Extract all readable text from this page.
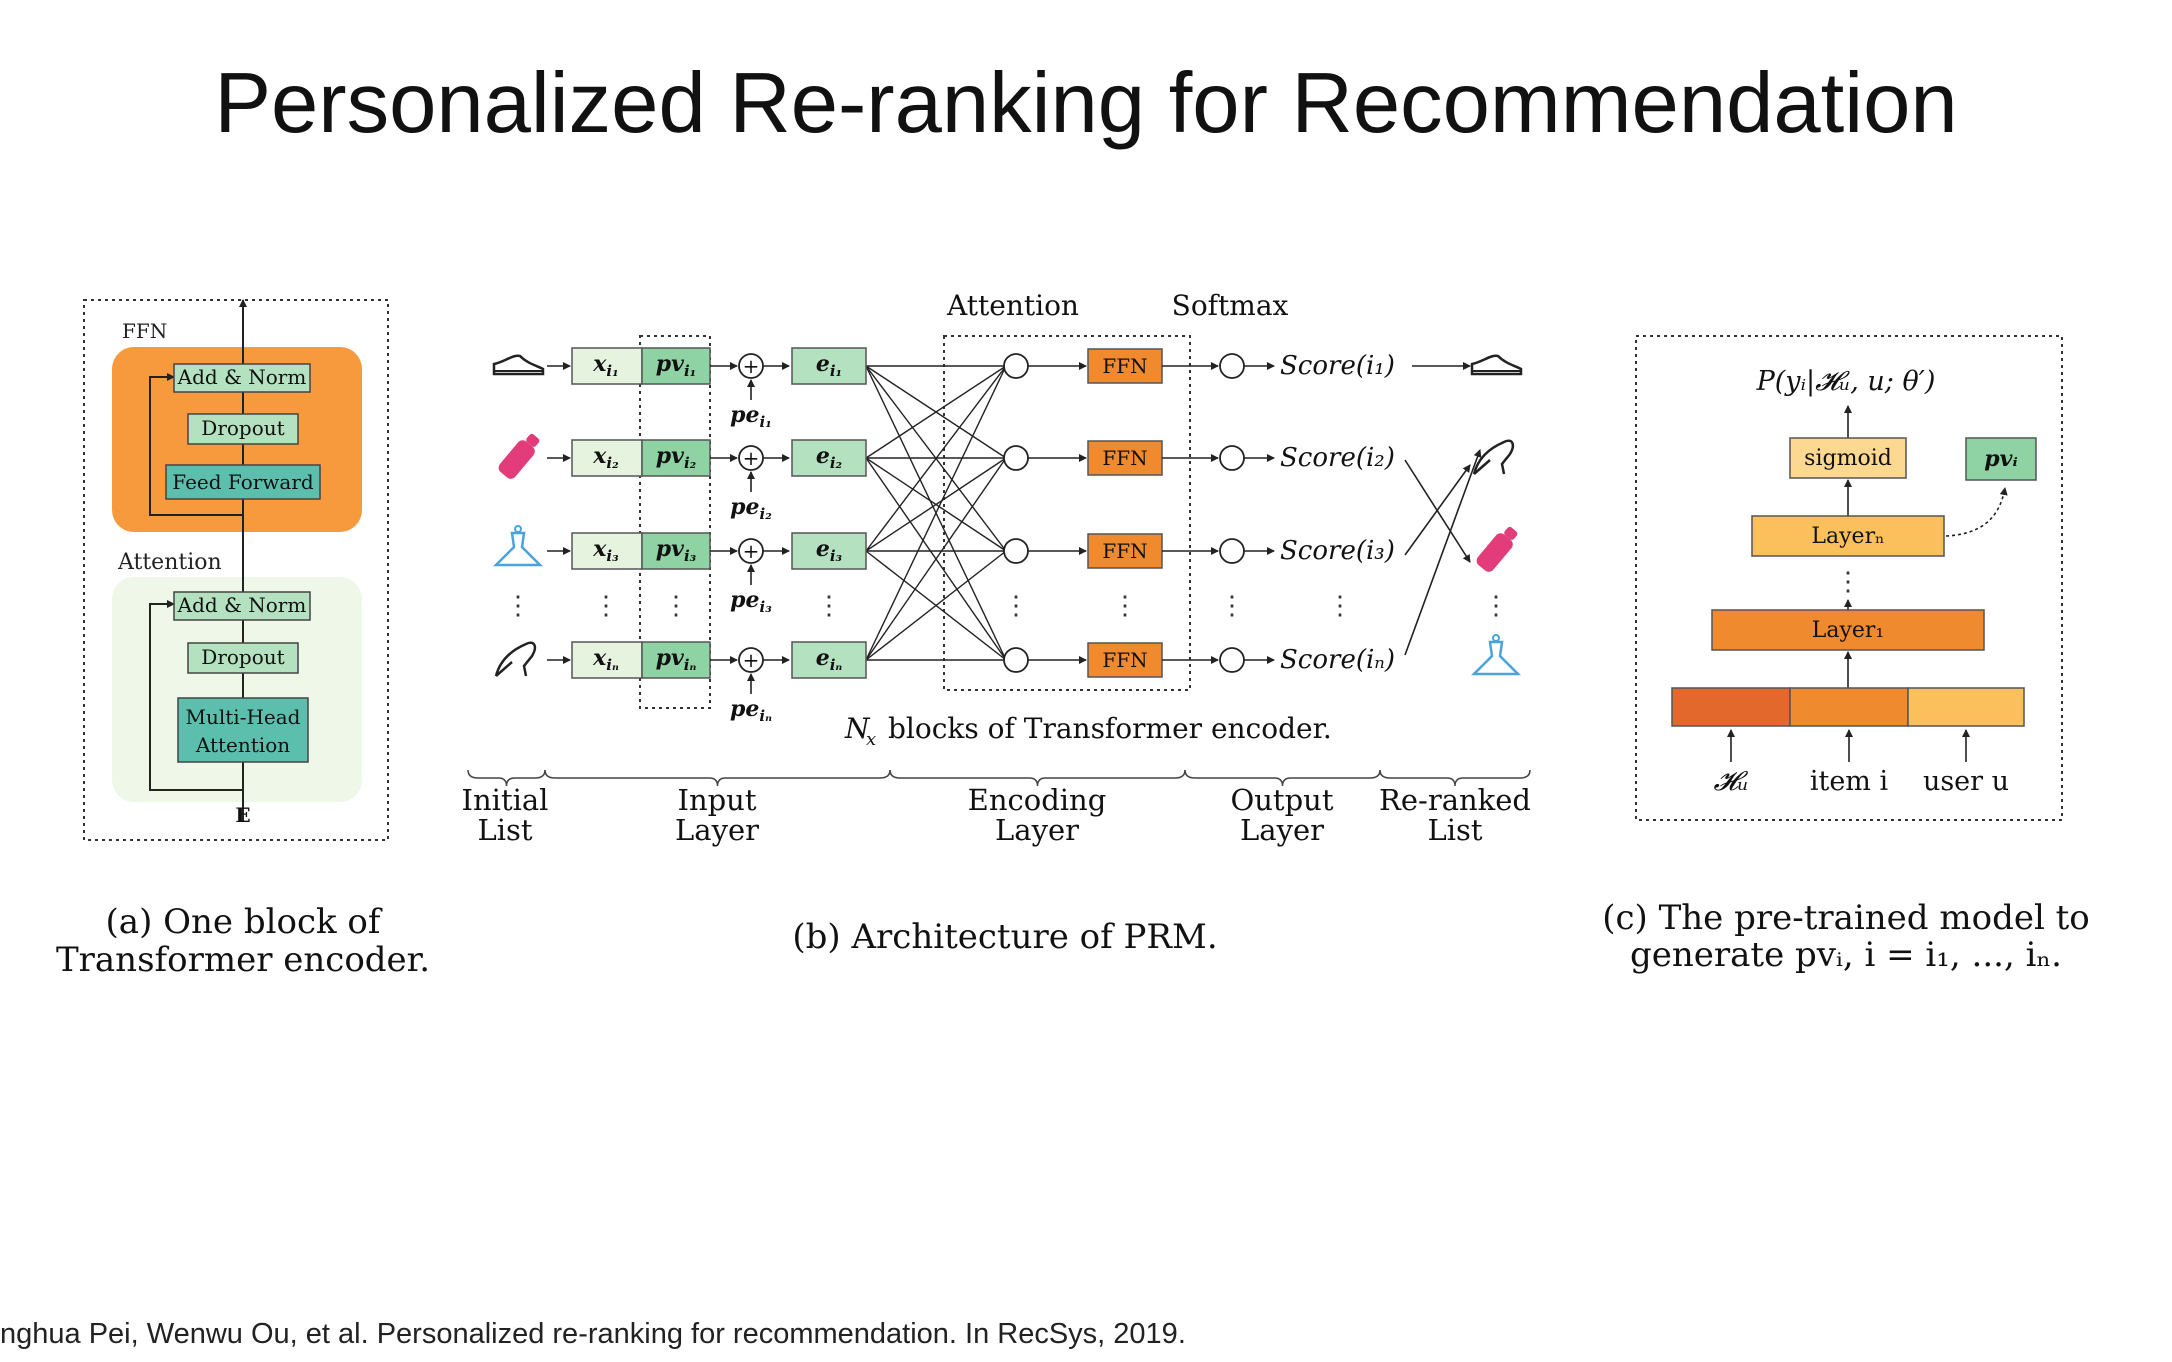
Personalized Re-ranking for Recommendation
FFN
Attention
Add & Norm
Dropout
Feed Forward
Add & Norm
Dropout
Multi-Head
Attention
E
(a) One block of
Transformer encoder.
Attention	Softmax
$x_{i_1}$ $pv_{i_1}$ +
$pe_{i_1}$
$e_{i_1}$	FFN	Score(i₁)
$x_{i_2}$ $pv_{i_2}$ +
$pe_{i_2}$
$e_{i_2}$	FFN	Score(i₂)
$x_{i_3}$ $pv_{i_3}$ +
$pe_{i_3}$
$e_{i_3}$	FFN	Score(i₃)
$x_{i_n}$ $pv_{i_n}$ +
$pe_{i_n}$
$e_{i_n}$	FFN	Score(iₙ)
⋮ ⋮ ⋮	⋮	⋮	⋮	⋮	⋮	⋮
N
x blocks of Transformer encoder.
Initial
List
Input
Layer
Encoding
Layer
Output
Layer
Re-ranked
List
(b) Architecture of PRM.
P(yᵢ|𝓗ᵤ, u; θ′)
sigmoid	pvᵢ
Layerₙ
⋮
Layer₁
𝓗ᵤ item i user u
(c) The pre-trained model to
generate pvᵢ, i = i₁, ..., iₙ.
nghua Pei, Wenwu Ou, et al. Personalized re-ranking for recommendation. In RecSys, 2019.
